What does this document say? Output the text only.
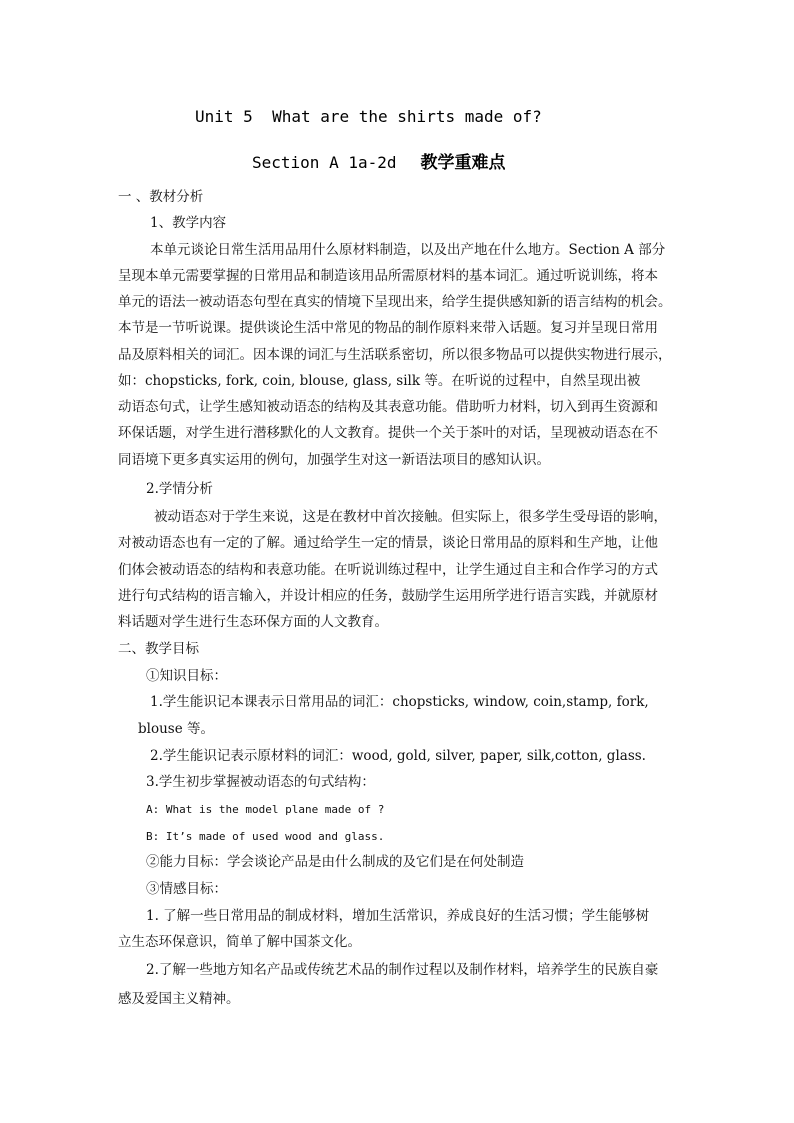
Unit 5  What are the shirts made of?
Section A 1a-2d 教学重难点
一 、教材分析
1、教学内容
本单元谈论日常生活用品用什么原材料制造，以及出产地在什么地方。Section A 部分
呈现本单元需要掌握的日常用品和制造该用品所需原材料的基本词汇。通过听说训练，将本
单元的语法一被动语态句型在真实的情境下呈现出来，给学生提供感知新的语言结构的机会。
本节是一节听说课。提供谈论生活中常见的物品的制作原料来带入话题。复习并呈现日常用
品及原料相关的词汇。因本课的词汇与生活联系密切，所以很多物品可以提供实物进行展示，
如：chopsticks, fork, coin, blouse, glass, silk 等。在听说的过程中，自然呈现出被
动语态句式，让学生感知被动语态的结构及其表意功能。借助听力材料，切入到再生资源和
环保话题，对学生进行潜移默化的人文教育。提供一个关于茶叶的对话，呈现被动语态在不
同语境下更多真实运用的例句，加强学生对这一新语法项目的感知认识。
2.学情分析
被动语态对于学生来说，这是在教材中首次接触。但实际上，很多学生受母语的影响，
对被动语态也有一定的了解。通过给学生一定的情景，谈论日常用品的原料和生产地，让他
们体会被动语态的结构和表意功能。在听说训练过程中，让学生通过自主和合作学习的方式
进行句式结构的语言输入，并设计相应的任务，鼓励学生运用所学进行语言实践，并就原材
料话题对学生进行生态环保方面的人文教育。
二、教学目标
①知识目标：
1.学生能识记本课表示日常用品的词汇：chopsticks, window, coin,stamp, fork,
blouse 等。
2.学生能识记表示原材料的词汇：wood, gold, silver, paper, silk,cotton, glass.
3.学生初步掌握被动语态的句式结构：
A: What is the model plane made of ?
B: It’s made of used wood and glass.
②能力目标：学会谈论产品是由什么制成的及它们是在何处制造
③情感目标：
1. 了解一些日常用品的制成材料，增加生活常识，养成良好的生活习惯；学生能够树
立生态环保意识，简单了解中国茶文化。
2.了解一些地方知名产品或传统艺术品的制作过程以及制作材料，培养学生的民族自豪
感及爱国主义精神。
